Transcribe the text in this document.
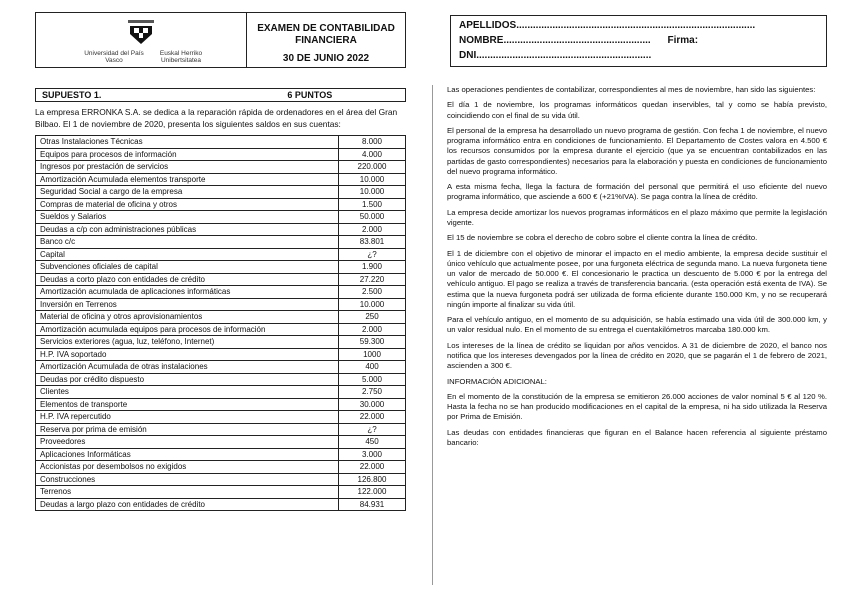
Universidad del País Vasco
Euskal Herriko Unibertsitatea
EXAMEN DE CONTABILIDAD FINANCIERA
30 DE JUNIO 2022
APELLIDOS......................................................................................
NOMBRE..................................................... Firma:
DNI...............................................................
SUPUESTO 1.	6 PUNTOS
La empresa ERRONKA S.A. se dedica a la reparación rápida de ordenadores en el área del Gran Bilbao. El 1 de noviembre de 2020, presenta los siguientes saldos en sus cuentas:
Otras Instalaciones Técnicas	8.000
Equipos para procesos de información	4.000
Ingresos por prestación de servicios	220.000
Amortización Acumulada elementos transporte	10.000
Seguridad Social a cargo de la empresa	10.000
Compras de material de oficina y otros	1.500
Sueldos y Salarios	50.000
Deudas a c/p con administraciones públicas	2.000
Banco c/c	83.801
Capital	¿?
Subvenciones oficiales de capital	1.900
Deudas a corto plazo con entidades de crédito	27.220
Amortización acumulada de aplicaciones informáticas	2.500
Inversión en Terrenos	10.000
Material de oficina y otros aprovisionamientos	250
Amortización acumulada equipos para procesos de información	2.000
Servicios exteriores (agua, luz, teléfono, Internet)	59.300
H.P. IVA soportado	1000
Amortización Acumulada de otras instalaciones	400
Deudas por crédito dispuesto	5.000
Clientes	2.750
Elementos de transporte	30.000
H.P. IVA repercutido	22.000
Reserva por prima de emisión	¿?
Proveedores	450
Aplicaciones Informáticas	3.000
Accionistas por desembolsos no exigidos	22.000
Construcciones	126.800
Terrenos	122.000
Deudas a largo plazo con entidades de crédito	84.931

Las operaciones pendientes de contabilizar, correspondientes al mes de noviembre, han sido las siguientes:

El día 1 de noviembre, los programas informáticos quedan inservibles, tal y como se había previsto, coincidiendo con el final de su vida útil.

El personal de la empresa ha desarrollado un nuevo programa de gestión. Con fecha 1 de noviembre, el nuevo programa informático entra en condiciones de funcionamiento. El Departamento de Costes valora en 4.500 € los recursos consumidos por la empresa durante el ejercicio (que ya se encuentran contabilizados en las partidas de gasto correspondientes) necesarios para la elaboración y puesta en condiciones de funcionamiento del nuevo programa informático.

A esta misma fecha, llega la factura de formación del personal que permitirá el uso eficiente del nuevo programa informático, que asciende a 600 € (+21%IVA). Se paga contra la línea de crédito.

La empresa decide amortizar los nuevos programas informáticos en el plazo máximo que permite la legislación vigente.

El 15 de noviembre se cobra el derecho de cobro sobre el cliente contra la línea de crédito.

El 1 de diciembre con el objetivo de minorar el impacto en el medio ambiente, la empresa decide sustituir el único vehículo que actualmente posee, por una furgoneta eléctrica de segunda mano. La nueva furgoneta tiene un valor de mercado de 50.000 €. El concesionario le practica un descuento de 5.000 € por la entrega del vehículo antiguo. El pago se realiza a través de transferencia bancaria. (esta operación está exenta de IVA). Se estima que la nueva furgoneta podrá ser utilizada de forma eficiente durante 150.000 Km, y no se recuperará ningún importe al finalizar su vida útil.

Para el vehículo antiguo, en el momento de su adquisición, se había estimado una vida útil de 300.000 km, y un valor residual nulo. En el momento de su entrega el cuentakilómetros marcaba 180.000 km.

Los intereses de la línea de crédito se liquidan por años vencidos. A 31 de diciembre de 2020, el banco nos notifica que los intereses devengados por la línea de crédito en 2020, que se pagarán el 1 de febrero de 2021, ascienden a 300 €.

INFORMACIÓN ADICIONAL:

En el momento de la constitución de la empresa se emitieron 26.000 acciones de valor nominal 5 € al 120 %. Hasta la fecha no se han producido modificaciones en el capital de la empresa, ni ha sido utilizada la Reserva por Prima de Emisión.

Las deudas con entidades financieras que figuran en el Balance hacen referencia al siguiente préstamo bancario:
